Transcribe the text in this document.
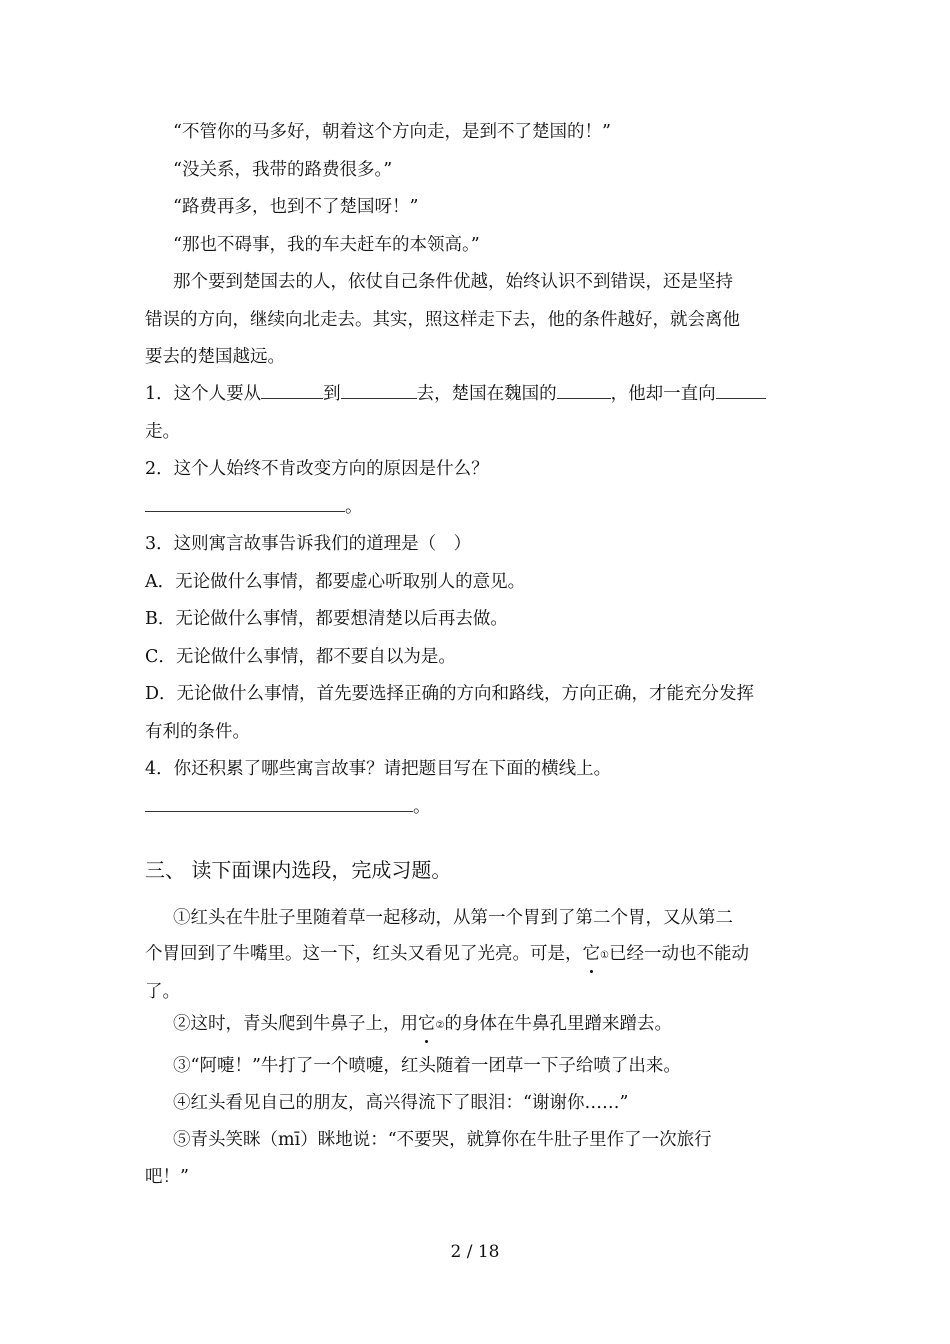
“不管你的马多好，朝着这个方向走，是到不了楚国的！”
“没关系，我带的路费很多。”
“路费再多，也到不了楚国呀！”
“那也不碍事，我的车夫赶车的本领高。”
那个要到楚国去的人，依仗自己条件优越，始终认识不到错误，还是坚持
错误的方向，继续向北走去。其实，照这样走下去，他的条件越好，就会离他
要去的楚国越远。
1．这个人要从	到	去，楚国在魏国的	，他却一直向
走。
2．这个人始终不肯改变方向的原因是什么？
。
3．这则寓言故事告诉我们的道理是（　）
A．无论做什么事情，都要虚心听取别人的意见。
B．无论做什么事情，都要想清楚以后再去做。
C．无论做什么事情，都不要自以为是。
D．无论做什么事情，首先要选择正确的方向和路线，方向正确，才能充分发挥
有利的条件。
4．你还积累了哪些寓言故事？请把题目写在下面的横线上。
。
三、 读下面课内选段，完成习题。
①红头在牛肚子里随着草一起移动，从第一个胃到了第二个胃，又从第二
个胃回到了牛嘴里。这一下，红头又看见了光亮。可是，它①已经一动也不能动
了。
②这时，青头爬到牛鼻子上，用它②的身体在牛鼻孔里蹭来蹭去。
③“阿嚏！”牛打了一个喷嚏，红头随着一团草一下子给喷了出来。
④红头看见自己的朋友，高兴得流下了眼泪：“谢谢你……”
⑤青头笑眯（mī）眯地说：“不要哭，就算你在牛肚子里作了一次旅行
吧！”
2 / 18
